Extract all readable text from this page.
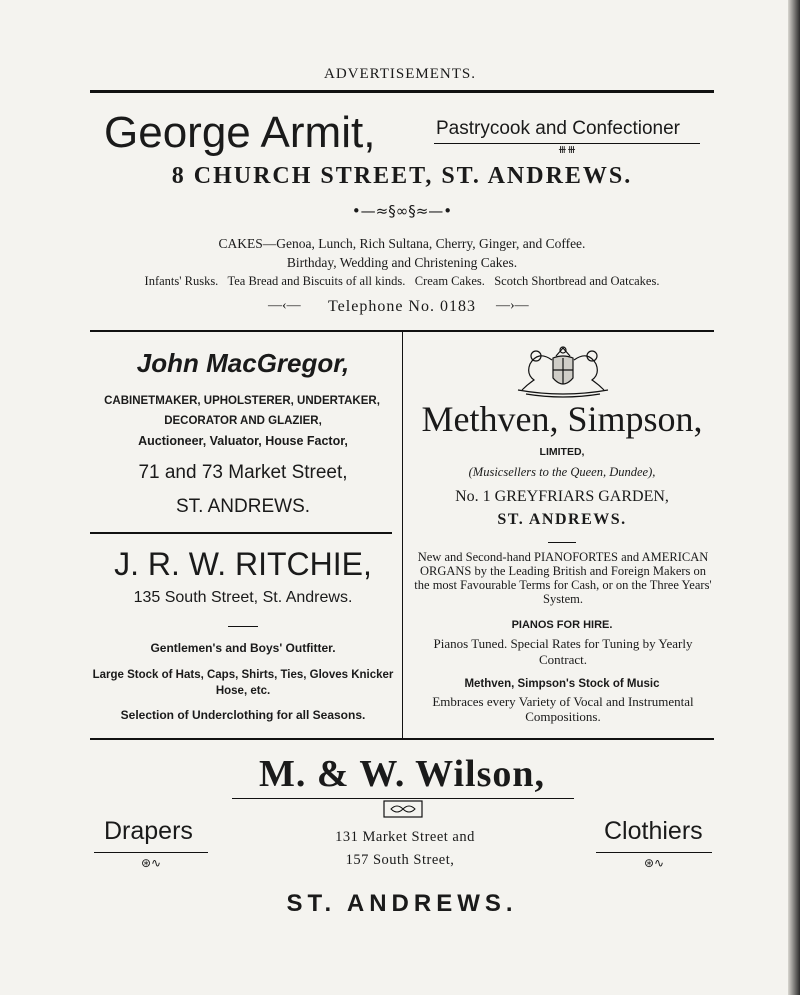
ADVERTISEMENTS.
George Armit,	Pastrycook and Confectioner
⧻⧻
8 CHURCH STREET, ST. ANDREWS.
•—≈§∞§≈—•
CAKES—Genoa, Lunch, Rich Sultana, Cherry, Ginger, and Coffee.
Birthday, Wedding and Christening Cakes.
Infants' Rusks.   Tea Bread and Biscuits of all kinds.   Cream Cakes.   Scotch Shortbread and Oatcakes.
—‹—	Telephone No. 0183	—›—
John MacGregor,
CABINETMAKER, UPHOLSTERER, UNDERTAKER,
DECORATOR AND GLAZIER,
Auctioneer, Valuator, House Factor,
71 and 73 Market Street,
ST. ANDREWS.
J. R. W. RITCHIE,
135 South Street, St. Andrews.
Gentlemen's and Boys' Outfitter.
Large Stock of Hats, Caps, Shirts, Ties, Gloves Knicker Hose, etc.
Selection of Underclothing for all Seasons.
Methven, Simpson,
LIMITED,
(Musicsellers to the Queen, Dundee),
No. 1 GREYFRIARS GARDEN,
ST. ANDREWS.
New and Second-hand PIANOFORTES and AMERICAN ORGANS by the Leading British and Foreign Makers on the most Favourable Terms for Cash, or on the Three Years' System.
PIANOS FOR HIRE.
Pianos Tuned. Special Rates for Tuning by Yearly Contract.
Methven, Simpson's Stock of Music
Embraces every Variety of Vocal and Instrumental Compositions.
M. & W. Wilson,
Drapers
⊛∿
Clothiers
⊛∿
131 Market Street and
157 South Street,
ST. ANDREWS.
